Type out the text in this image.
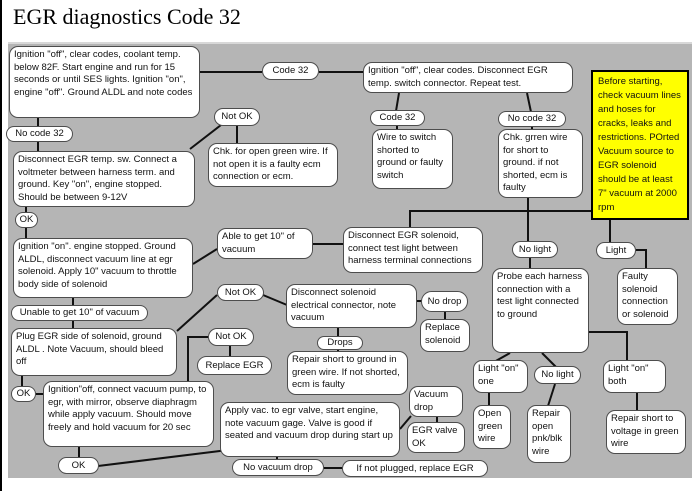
EGR diagnostics Code 32
Ignition "off", clear codes, coolant temp. below 82F. Start engine and run for 15 seconds or until SES lights. Ignition "on", engine "off". Ground ALDL and note codes
Code 32	Ignition "off", clear codes. Disconnect EGR temp. switch connector. Repeat test.	Before starting, check vacuum lines and hoses for cracks, leaks and restrictions. POrted Vacuum source to EGR solenoid should be at least 7" vacuum at 2000 rpm
Not OK
No code 32
Chk. for open green wire. If not open it is a faulty ecm connection or ecm.
Code 32	No code 32
Wire to switch shorted to ground or faulty switch
Chk. grren wire for short to ground. if not shorted, ecm is faulty
Disconnect EGR temp. sw. Connect a voltmeter between harness term. and ground. Key "on", engine stopped. Should be between 9-12V
OK
Ignition "on". engine stopped. Ground ALDL, disconnect vacuum line at egr solenoid. Apply 10" vacuum to throttle body side of solenoid
Able to get 10" of vacuum
Disconnect EGR solenoid, connect test light between harness terminal connections
No light	Light
Faulty solenoid connection or solenoid
Probe each harness connection with a test light connected to ground
Unable to get 10" of vacuum
Not OK	Disconnect solenoid electrical connector, note vacuum
No drop
Replace solenoid
Drops
Repair short to ground in green wire. If not shorted, ecm is faulty
Plug EGR side of solenoid, ground ALDL . Note Vacuum, should bleed off
Not OK
Replace EGR
OK	Ignition"off, connect vacuum pump, to egr, with mirror, observe diaphragm while apply vacuum. Should move freely and hold vacuum for 20 sec
OK
Apply vac. to egr valve, start engine, note vacuum gage. Valve is good if seated and vacuum drop during start up
Vacuum drop
EGR valve OK
No vacuum drop	If not plugged, replace EGR
Light "on" one
No light
Light "on" both
Open green wire
Repair open pnk/blk wire
Repair short to voltage in green wire
